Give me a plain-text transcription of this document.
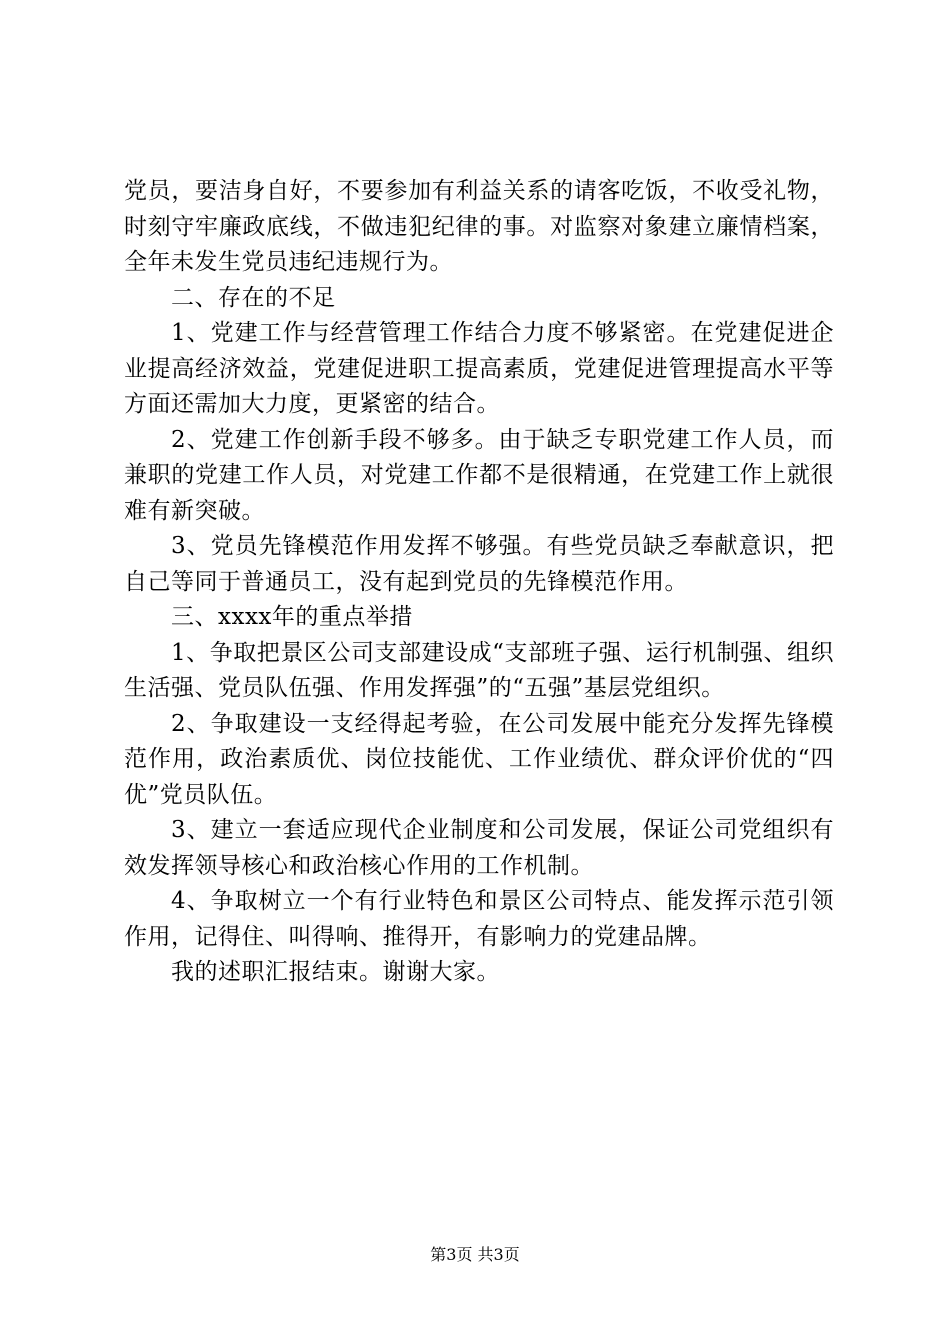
党员，要洁身自好，不要参加有利益关系的请客吃饭，不收受礼物，时刻守牢廉政底线，不做违犯纪律的事。对监察对象建立廉情档案，全年未发生党员违纪违规行为。

二、存在的不足

1、党建工作与经营管理工作结合力度不够紧密。在党建促进企业提高经济效益，党建促进职工提高素质，党建促进管理提高水平等方面还需加大力度，更紧密的结合。

2、党建工作创新手段不够多。由于缺乏专职党建工作人员，而兼职的党建工作人员，对党建工作都不是很精通，在党建工作上就很难有新突破。

3、党员先锋模范作用发挥不够强。有些党员缺乏奉献意识，把自己等同于普通员工，没有起到党员的先锋模范作用。

三、xxxx年的重点举措

1、争取把景区公司支部建设成“支部班子强、运行机制强、组织生活强、党员队伍强、作用发挥强”的“五强”基层党组织。

2、争取建设一支经得起考验，在公司发展中能充分发挥先锋模范作用，政治素质优、岗位技能优、工作业绩优、群众评价优的“四优”党员队伍。

3、建立一套适应现代企业制度和公司发展，保证公司党组织有效发挥领导核心和政治核心作用的工作机制。

4、争取树立一个有行业特色和景区公司特点、能发挥示范引领作用，记得住、叫得响、推得开，有影响力的党建品牌。

我的述职汇报结束。谢谢大家。

第3页 共3页
